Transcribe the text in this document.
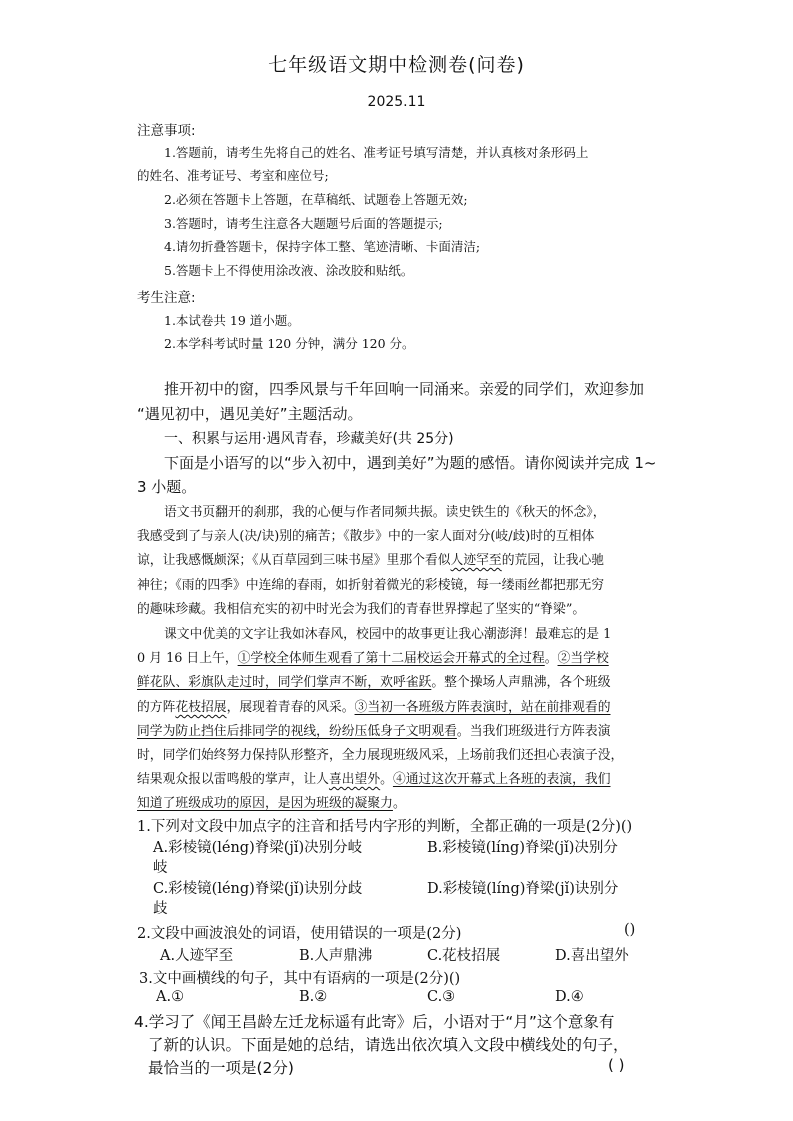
七年级语文期中检测卷(问卷)
2025.11
注意事项:
1.答题前，请考生先将自己的姓名、准考证号填写清楚，并认真核对条形码上
的姓名、准考证号、考室和座位号;
2.必须在答题卡上答题，在草稿纸、试题卷上答题无效;
3.答题时，请考生注意各大题题号后面的答题提示;
4.请勿折叠答题卡，保持字体工整、笔迹清晰、卡面清洁;
5.答题卡上不得使用涂改液、涂改胶和贴纸。
考生注意:
1.本试卷共 19 道小题。
2.本学科考试时量 120 分钟，满分 120 分。
推开初中的窗，四季风景与千年回响一同涌来。亲爱的同学们，欢迎参加
“遇见初中，遇见美好”主题活动。
一、积累与运用·遇风青春，珍藏美好(共 25分)
下面是小语写的以“步入初中，遇到美好”为题的感悟。请你阅读并完成 1~
3 小题。
语文书页翻开的刹那，我的心便与作者同频共振。读史铁生的《秋天的怀念》，
我感受到了与亲人(决/诀)别的痛苦；《散步》中的一家人面对分(岐/歧)时的互相体
谅，让我感慨颇深；《从百草园到三味书屋》里那个看似人迹罕至的荒园，让我心驰
神往；《雨的四季》中连绵的春雨，如折射着微光的彩棱镜，每一缕雨丝都把那无穷
的趣味珍藏。我相信充实的初中时光会为我们的青春世界撑起了坚实的“脊梁”。
课文中优美的文字让我如沐春风，校园中的故事更让我心潮澎湃！最难忘的是 1
0 月 16 日上午，①学校全体师生观看了第十二届校运会开幕式的全过程。②当学校
鲜花队、彩旗队走过时，同学们掌声不断，欢呼雀跃。整个操场人声鼎沸，各个班级
的方阵花枝招展，展现着青春的风采。③当初一各班级方阵表演时，站在前排观看的
同学为防止挡住后排同学的视线，纷纷压低身子文明观看。当我们班级进行方阵表演
时，同学们始终努力保持队形整齐，全力展现班级风采，上场前我们还担心表演子没，
结果观众报以雷鸣般的掌声，让人喜出望外。④通过这次开幕式上各班的表演，我们
知道了班级成功的原因，是因为班级的凝聚力。
1.下列对文段中加点字的注音和括号内字形的判断，全都正确的一项是(2分)()
A.彩棱镜(léng)脊梁(jǐ)决别分岐	B.彩棱镜(líng)脊梁(jǐ)决别分
岐
C.彩棱镜(léng)脊梁(jǐ)诀别分歧	D.彩棱镜(líng)脊梁(jǐ)诀别分
歧
2.文段中画波浪处的词语，使用错误的一项是(2分)	()
A.人迹罕至	B.人声鼎沸	C.花枝招展	D.喜出望外
3.文中画横线的句子，其中有语病的一项是(2分)()
A.①	B.②	C.③	D.④
4.学习了《闻王昌龄左迁龙标遥有此寄》后，小语对于“月”这个意象有
了新的认识。下面是她的总结，请选出依次填入文段中横线处的句子，
最恰当的一项是(2分)	( )
